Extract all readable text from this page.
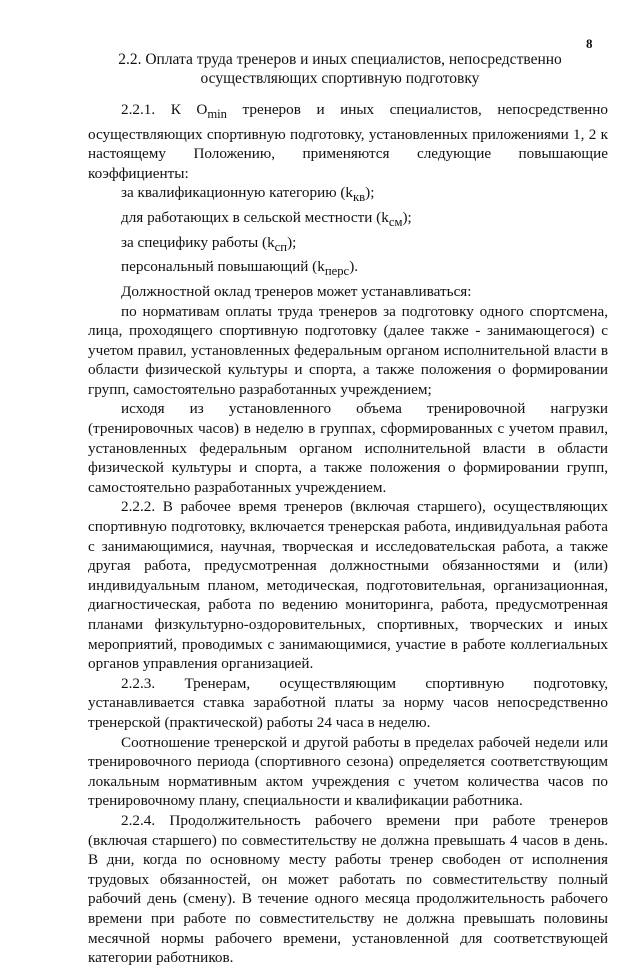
8
2.2. Оплата труда тренеров и иных специалистов, непосредственно
осуществляющих спортивную подготовку

2.2.1. К $O_{min}$ тренеров и иных специалистов, непосредственно осуществляющих спортивную подготовку, установленных приложениями 1, 2 к настоящему Положению, применяются следующие повышающие коэффициенты:

за квалификационную категорию $(k_{кв})$;

для работающих в сельской местности $(k_{см})$;

за специфику работы $(k_{сп})$;

персональный повышающий $(k_{перс})$.

Должностной оклад тренеров может устанавливаться:

по нормативам оплаты труда тренеров за подготовку одного спортсмена, лица, проходящего спортивную подготовку (далее также - занимающегося) с учетом правил, установленных федеральным органом исполнительной власти в области физической культуры и спорта, а также положения о формировании групп, самостоятельно разработанных учреждением;

исходя из установленного объема тренировочной нагрузки (тренировочных часов) в неделю в группах, сформированных с учетом правил, установленных федеральным органом исполнительной власти в области физической культуры и спорта, а также положения о формировании групп, самостоятельно разработанных учреждением.

2.2.2. В рабочее время тренеров (включая старшего), осуществляющих спортивную подготовку, включается тренерская работа, индивидуальная работа с занимающимися, научная, творческая и исследовательская работа, а также другая работа, предусмотренная должностными обязанностями и (или) индивидуальным планом, методическая, подготовительная, организационная, диагностическая, работа по ведению мониторинга, работа, предусмотренная планами физкультурно-оздоровительных, спортивных, творческих и иных мероприятий, проводимых с занимающимися, участие в работе коллегиальных органов управления организацией.

2.2.3. Тренерам, осуществляющим спортивную подготовку, устанавливается ставка заработной платы за норму часов непосредственно тренерской (практической) работы 24 часа в неделю.

Соотношение тренерской и другой работы в пределах рабочей недели или тренировочного периода (спортивного сезона) определяется соответствующим локальным нормативным актом учреждения с учетом количества часов по тренировочному плану, специальности и квалификации работника.

2.2.4. Продолжительность рабочего времени при работе тренеров (включая старшего) по совместительству не должна превышать 4 часов в день. В дни, когда по основному месту работы тренер свободен от исполнения трудовых обязанностей, он может работать по совместительству полный рабочий день (смену). В течение одного месяца продолжительность рабочего времени при работе по совместительству не должна превышать половины месячной нормы рабочего времени, установленной для соответствующей категории работников.
